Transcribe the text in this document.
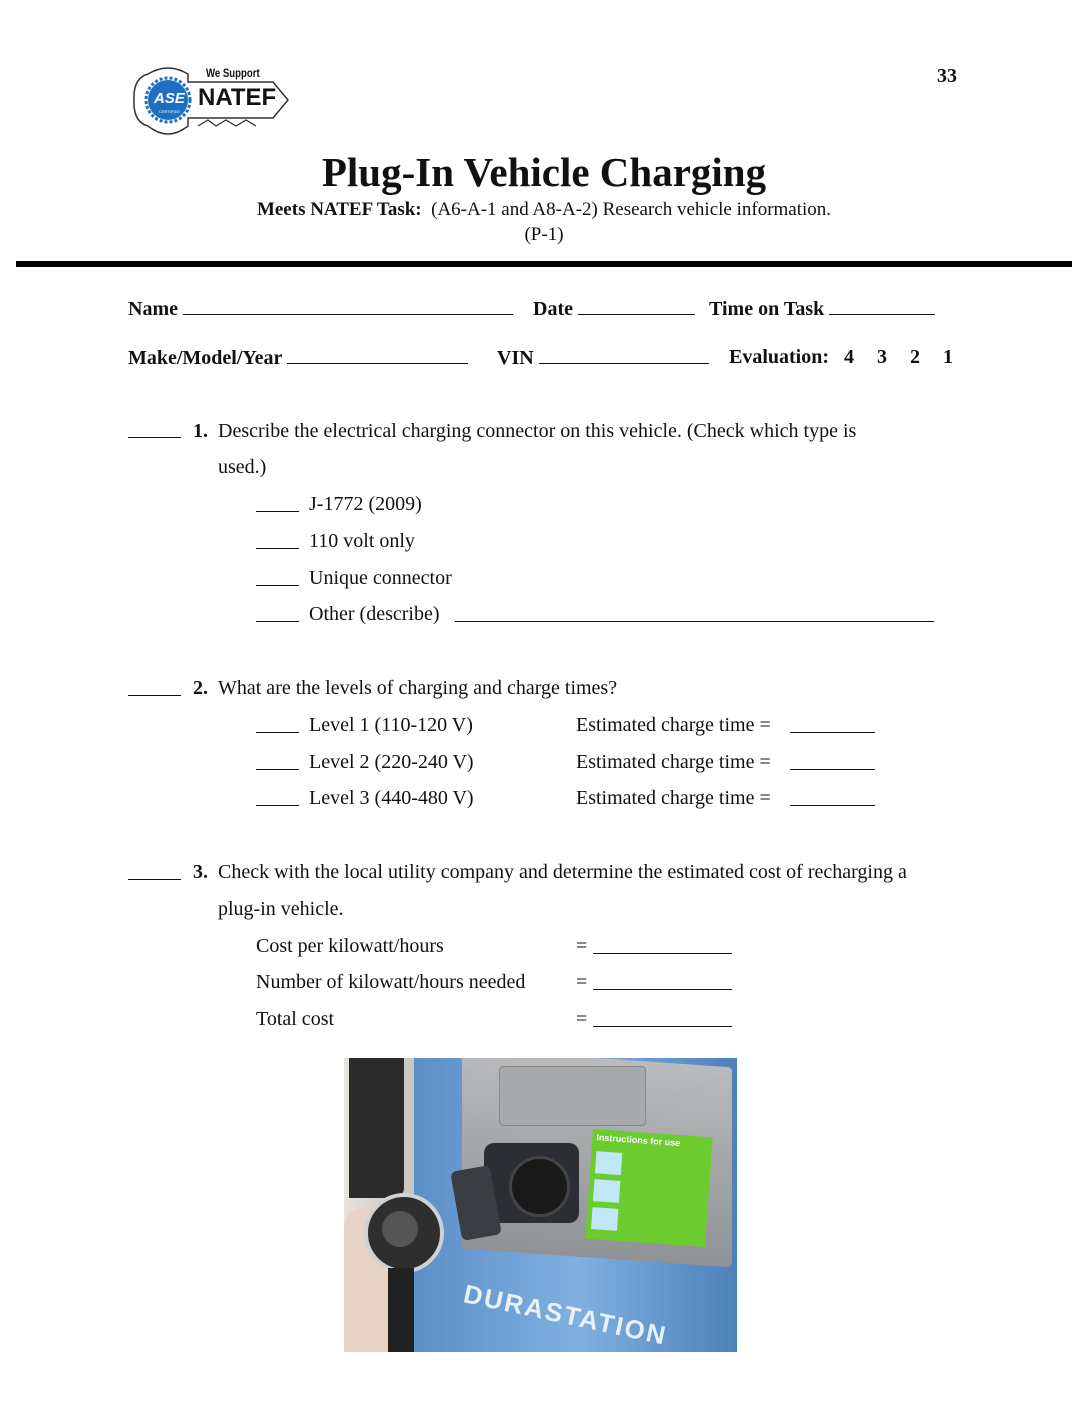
33
ASE
CERTIFIED
We Support
NATEF
Plug-In Vehicle Charging
Meets NATEF Task: (A6-A-1 and A8-A-2) Research vehicle information.
(P-1)
Name	Date	Time on Task
Make/Model/Year	VIN	Evaluation: 4 3 2 1
1. Describe the electrical charging connector on this vehicle. (Check which type is
used.)
J-1772 (2009)
110 volt only
Unique connector
Other (describe)
2. What are the levels of charging and charge times?
Level 1 (110-120 V)	Estimated charge time =
Level 2 (220-240 V)	Estimated charge time =
Level 3 (440-480 V)	Estimated charge time =
3. Check with the local utility company and determine the estimated cost of recharging a
plug-in vehicle.
Cost per kilowatt/hours	=
Number of kilowatt/hours needed	=
Total cost	=
Instructions for use
DURASTATION
